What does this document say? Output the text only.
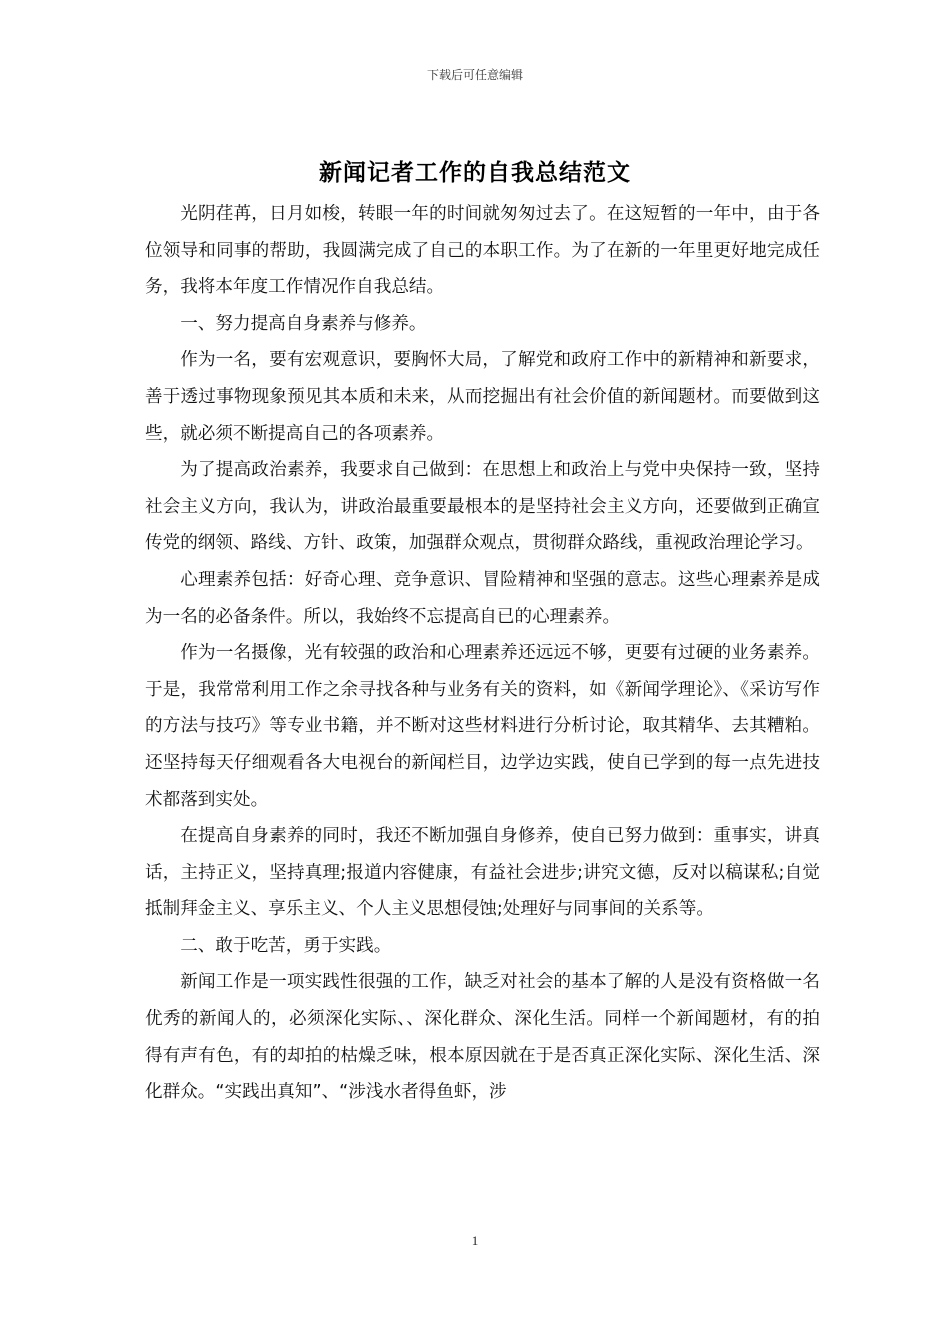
下载后可任意编辑
新闻记者工作的自我总结范文

光阴荏苒，日月如梭，转眼一年的时间就匆匆过去了。在这短暂的一年中，由于各位领导和同事的帮助，我圆满完成了自己的本职工作。为了在新的一年里更好地完成任务，我将本年度工作情况作自我总结。

一、努力提高自身素养与修养。

作为一名，要有宏观意识，要胸怀大局，了解党和政府工作中的新精神和新要求，善于透过事物现象预见其本质和未来，从而挖掘出有社会价值的新闻题材。而要做到这些，就必须不断提高自己的各项素养。

为了提高政治素养，我要求自己做到：在思想上和政治上与党中央保持一致，坚持社会主义方向，我认为，讲政治最重要最根本的是坚持社会主义方向，还要做到正确宣传党的纲领、路线、方针、政策，加强群众观点，贯彻群众路线，重视政治理论学习。

心理素养包括：好奇心理、竞争意识、冒险精神和坚强的意志。这些心理素养是成为一名的必备条件。所以，我始终不忘提高自已的心理素养。

作为一名摄像，光有较强的政治和心理素养还远远不够，更要有过硬的业务素养。于是，我常常利用工作之余寻找各种与业务有关的资料，如《新闻学理论》、《采访写作的方法与技巧》等专业书籍，并不断对这些材料进行分析讨论，取其精华、去其糟粕。还坚持每天仔细观看各大电视台的新闻栏目，边学边实践，使自已学到的每一点先进技术都落到实处。

在提高自身素养的同时，我还不断加强自身修养，使自已努力做到：重事实，讲真话，主持正义，坚持真理;报道内容健康，有益社会进步;讲究文德，反对以稿谋私;自觉抵制拜金主义、享乐主义、个人主义思想侵蚀;处理好与同事间的关系等。

二、敢于吃苦，勇于实践。

新闻工作是一项实践性很强的工作，缺乏对社会的基本了解的人是没有资格做一名优秀的新闻人的，必须深化实际、、深化群众、深化生活。同样一个新闻题材，有的拍得有声有色，有的却拍的枯燥乏味，根本原因就在于是否真正深化实际、深化生活、深化群众。“实践出真知”、“涉浅水者得鱼虾，涉

1
